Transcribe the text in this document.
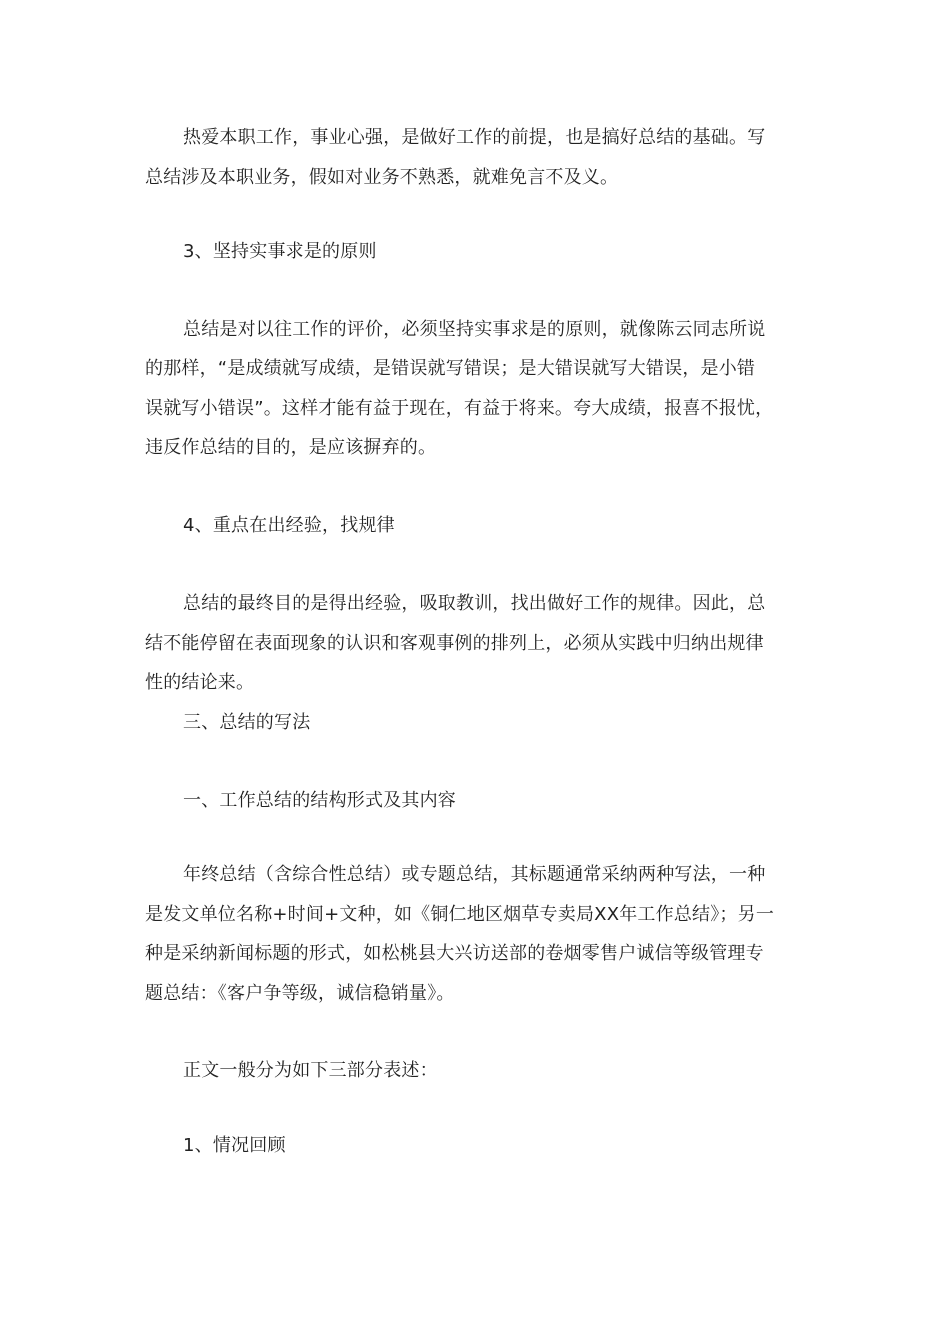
热爱本职工作，事业心强，是做好工作的前提，也是搞好总结的基础。写
总结涉及本职业务，假如对业务不熟悉，就难免言不及义。
3、坚持实事求是的原则
总结是对以往工作的评价，必须坚持实事求是的原则，就像陈云同志所说
的那样，“是成绩就写成绩，是错误就写错误；是大错误就写大错误，是小错
误就写小错误”。这样才能有益于现在，有益于将来。夸大成绩，报喜不报忧，
违反作总结的目的，是应该摒弃的。
4、重点在出经验，找规律
总结的最终目的是得出经验，吸取教训，找出做好工作的规律。因此，总
结不能停留在表面现象的认识和客观事例的排列上，必须从实践中归纳出规律
性的结论来。
三、总结的写法
一、工作总结的结构形式及其内容
年终总结（含综合性总结）或专题总结，其标题通常采纳两种写法，一种
是发文单位名称+时间+文种，如《铜仁地区烟草专卖局XX年工作总结》；另一
种是采纳新闻标题的形式，如松桃县大兴访送部的卷烟零售户诚信等级管理专
题总结：《客户争等级，诚信稳销量》。
正文一般分为如下三部分表述：
1、情况回顾
